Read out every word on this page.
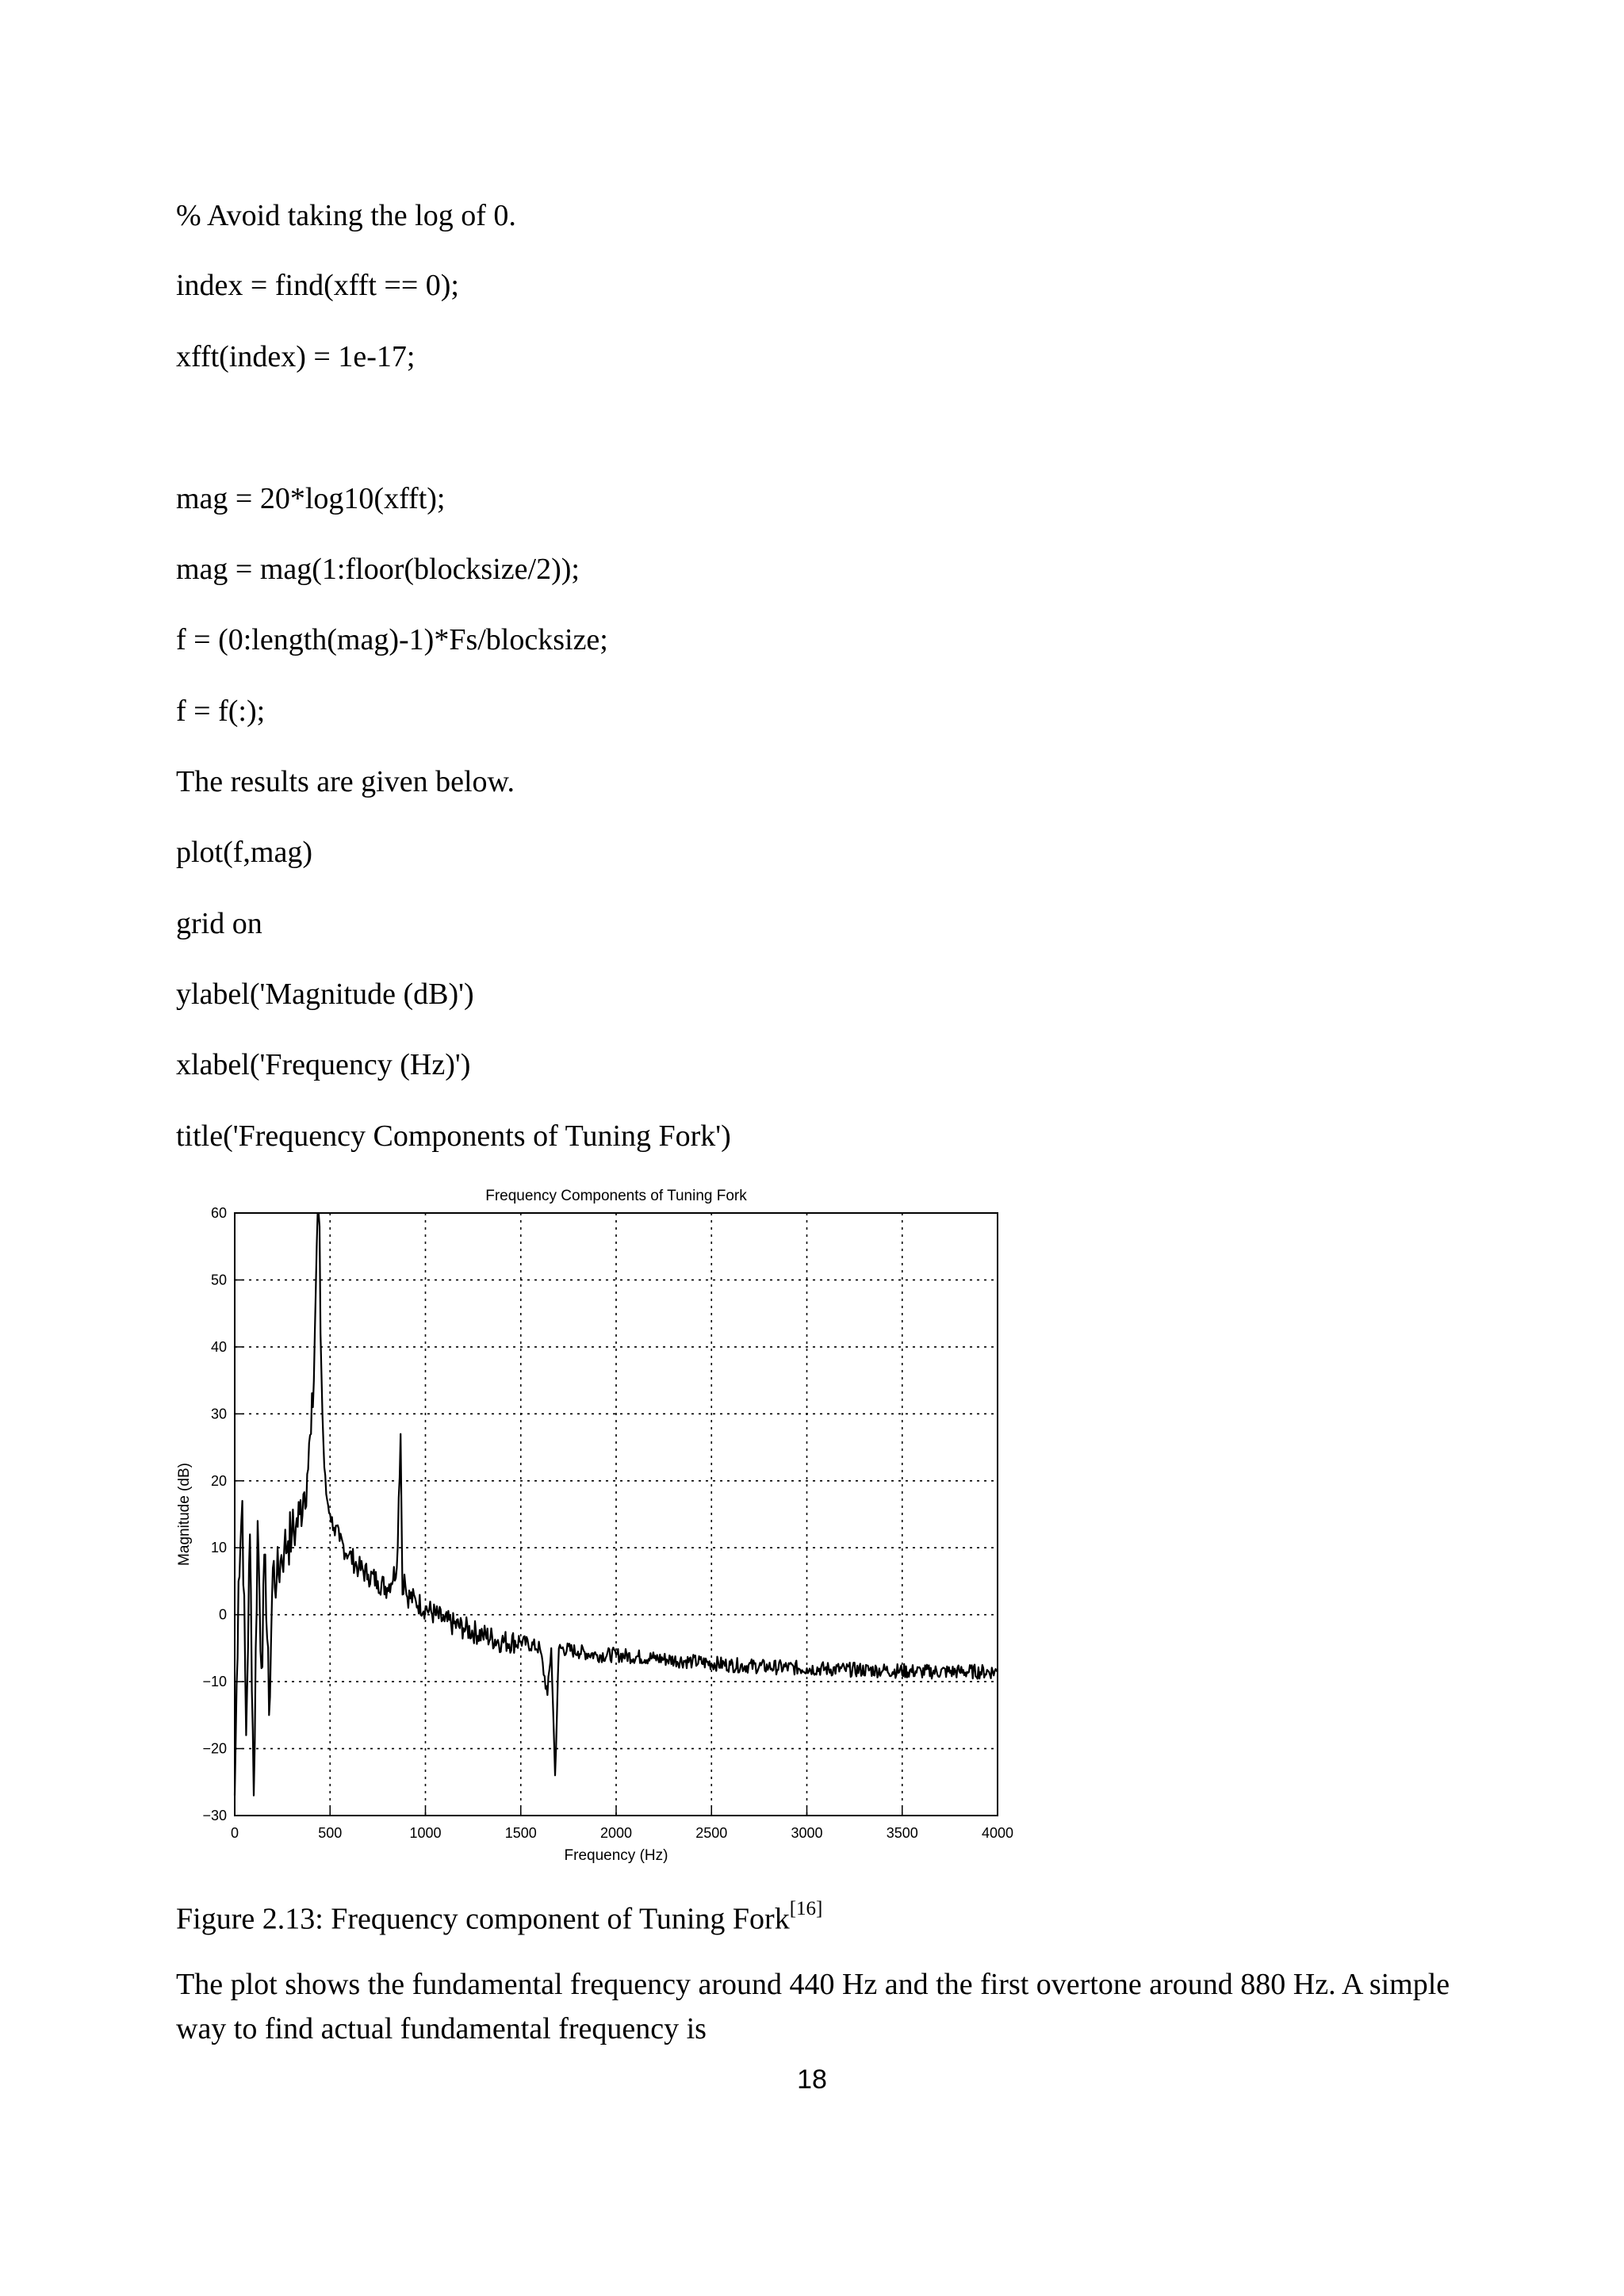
% Avoid taking the log of 0.
index = find(xfft == 0);
xfft(index) = 1e-17;
mag = 20*log10(xfft);
mag = mag(1:floor(blocksize/2));
f = (0:length(mag)-1)*Fs/blocksize;
f = f(:);
The results are given below.
plot(f,mag)
grid on
ylabel('Magnitude (dB)')
xlabel('Frequency (Hz)')
title('Frequency Components of Tuning Fork')
0	500	1000	1500	2000	2500	3000	3500	4000
−30
−20
−10
0
10
20
30
40
50
60
Frequency Components of Tuning Fork
Frequency (Hz)
Magnitude (dB)
Figure 2.13: Frequency component of Tuning Fork[16]
The plot shows the fundamental frequency around 440 Hz and the first overtone around 880 Hz. A simple way to find actual fundamental frequency is
18
